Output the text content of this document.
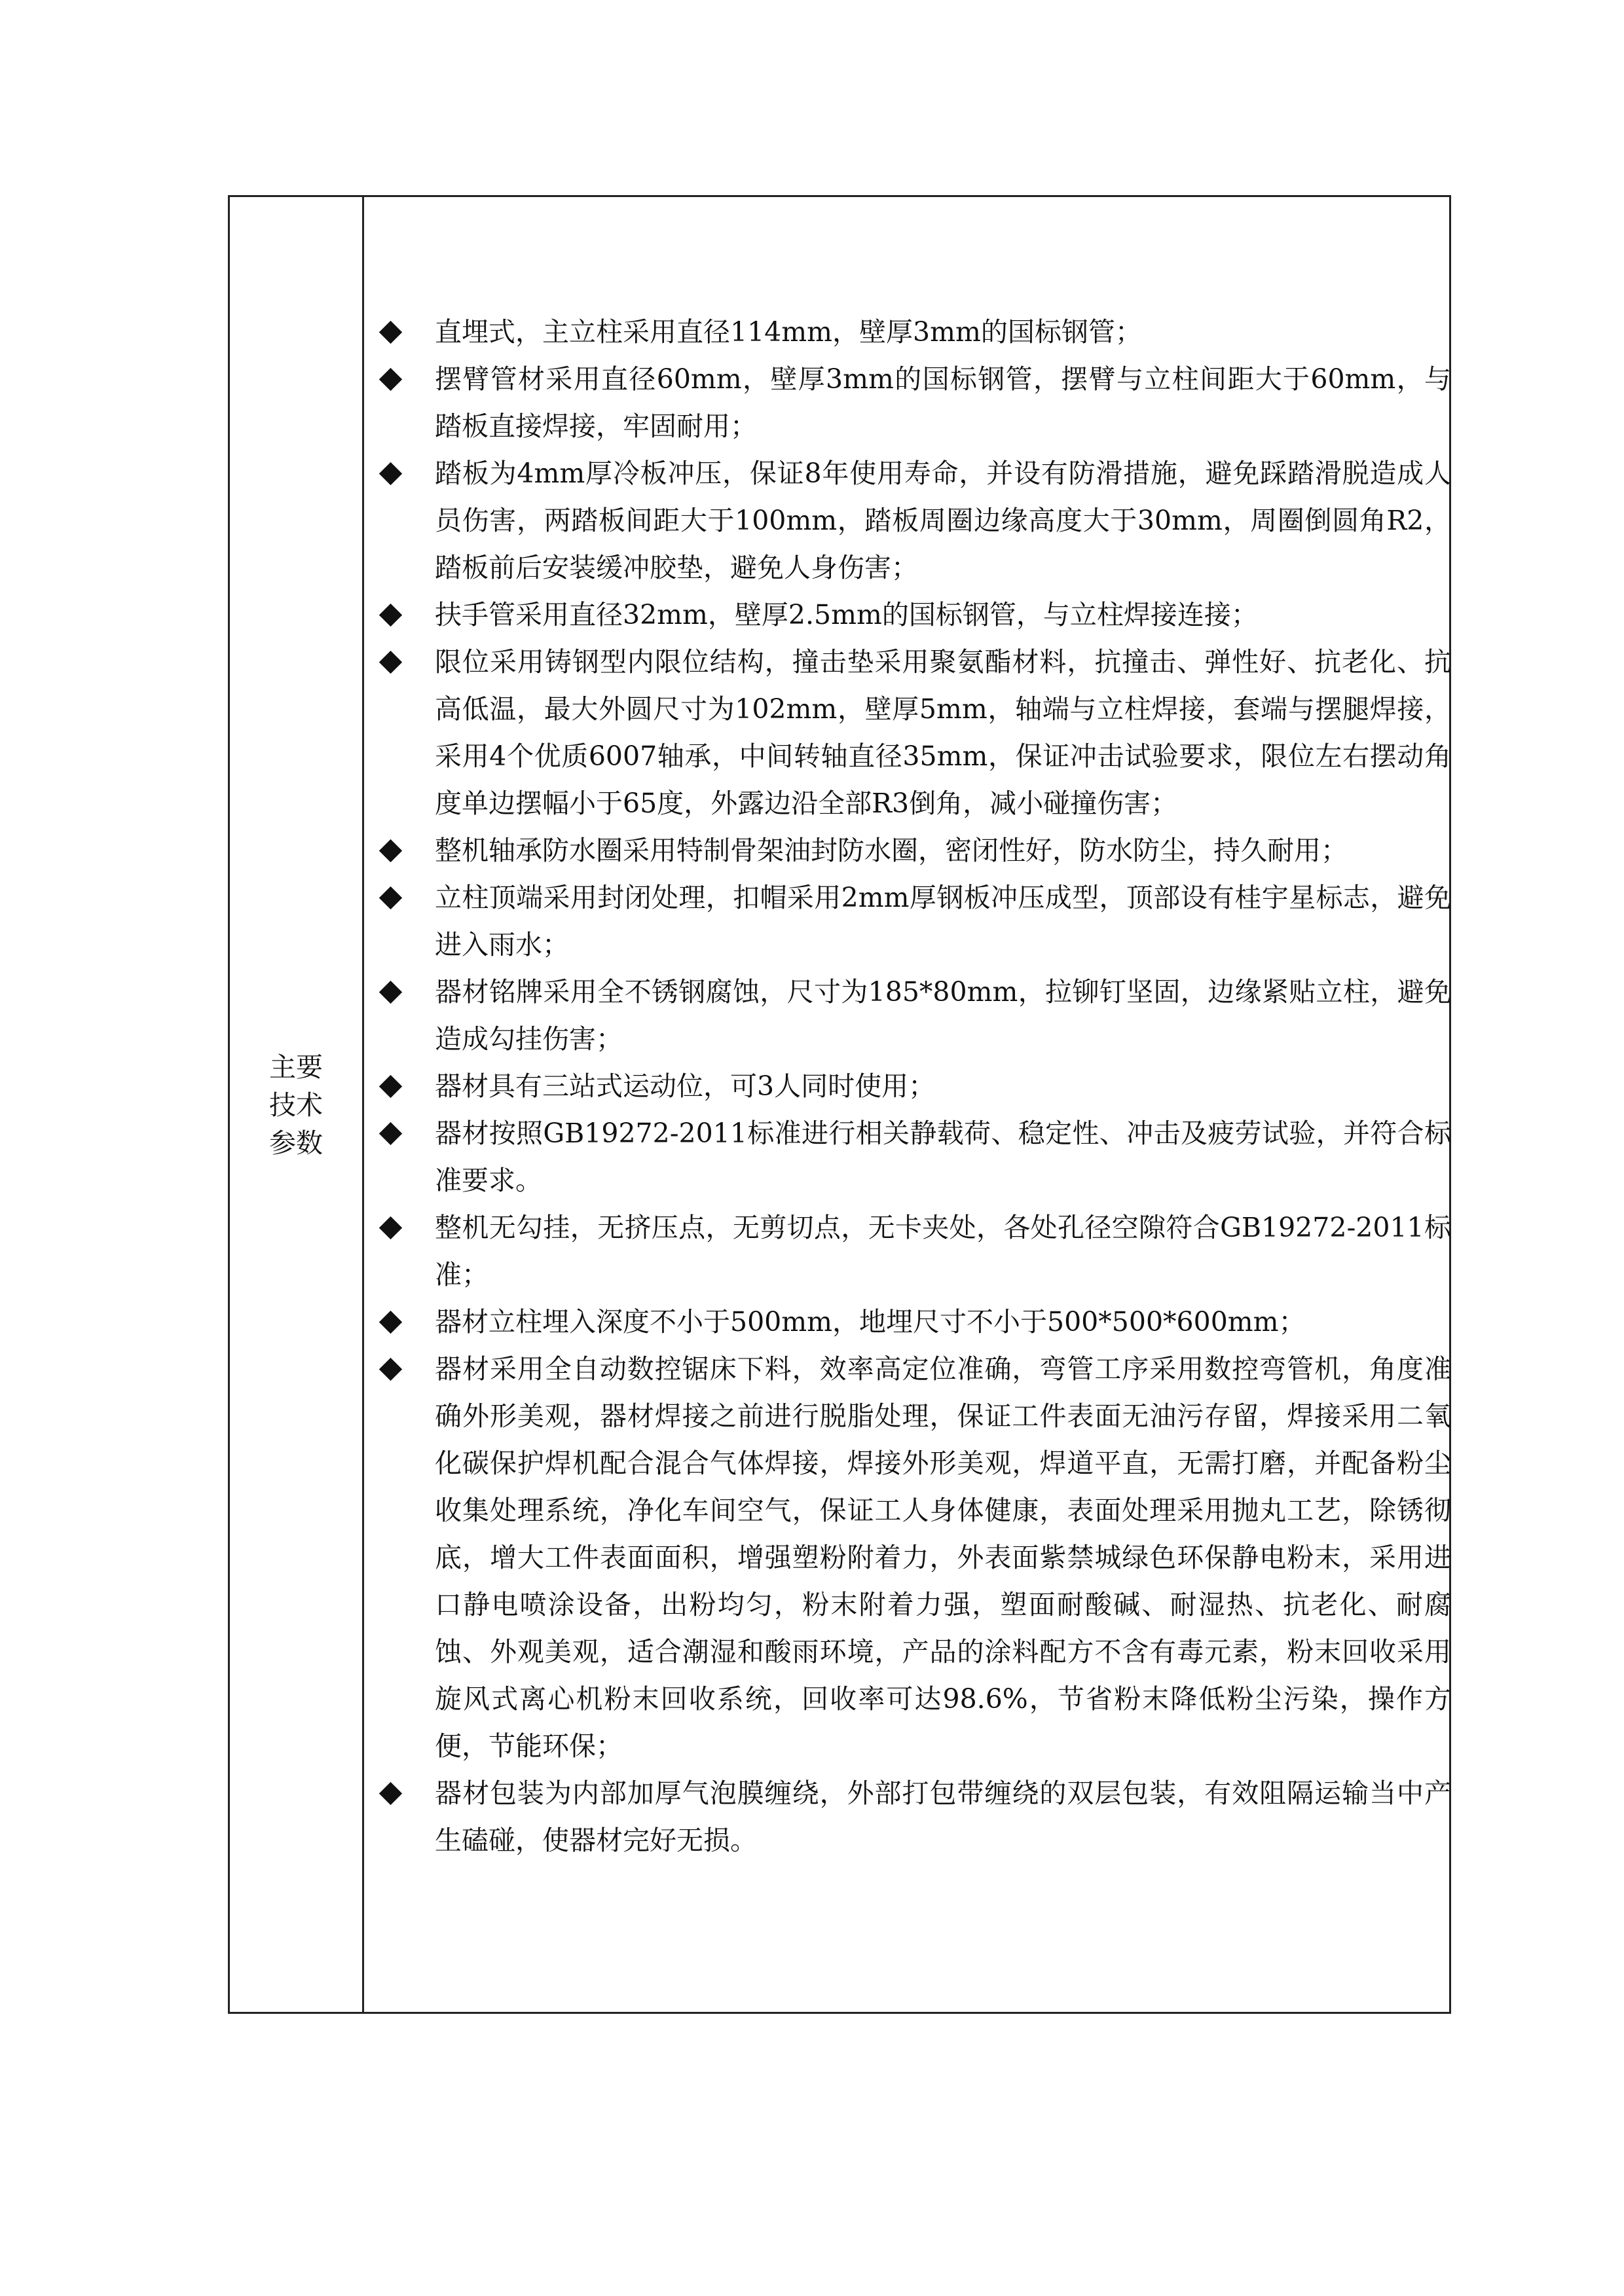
主要
技术
参数
直埋式，主立柱采用直径114mm，壁厚3mm的国标钢管；
摆臂管材采用直径60mm，壁厚3mm的国标钢管，摆臂与立柱间距大于60mm，与踏板直接焊接，牢固耐用；
踏板为4mm厚冷板冲压，保证8年使用寿命，并设有防滑措施，避免踩踏滑脱造成人员伤害，两踏板间距大于100mm，踏板周圈边缘高度大于30mm，周圈倒圆角R2，踏板前后安装缓冲胶垫，避免人身伤害；
扶手管采用直径32mm，壁厚2.5mm的国标钢管，与立柱焊接连接；
限位采用铸钢型内限位结构，撞击垫采用聚氨酯材料，抗撞击、弹性好、抗老化、抗高低温，最大外圆尺寸为102mm，壁厚5mm，轴端与立柱焊接，套端与摆腿焊接，采用4个优质6007轴承，中间转轴直径35mm，保证冲击试验要求，限位左右摆动角度单边摆幅小于65度，外露边沿全部R3倒角，减小碰撞伤害；
整机轴承防水圈采用特制骨架油封防水圈，密闭性好，防水防尘，持久耐用；
立柱顶端采用封闭处理，扣帽采用2mm厚钢板冲压成型，顶部设有桂宇星标志，避免进入雨水；
器材铭牌采用全不锈钢腐蚀，尺寸为185*80mm，拉铆钉坚固，边缘紧贴立柱，避免造成勾挂伤害；
器材具有三站式运动位，可3人同时使用；
器材按照GB19272-2011标准进行相关静载荷、稳定性、冲击及疲劳试验，并符合标准要求。
整机无勾挂，无挤压点，无剪切点，无卡夹处，各处孔径空隙符合GB19272-2011标准；
器材立柱埋入深度不小于500mm，地埋尺寸不小于500*500*600mm；
器材采用全自动数控锯床下料，效率高定位准确，弯管工序采用数控弯管机，角度准确外形美观，器材焊接之前进行脱脂处理，保证工件表面无油污存留，焊接采用二氧化碳保护焊机配合混合气体焊接，焊接外形美观，焊道平直，无需打磨，并配备粉尘收集处理系统，净化车间空气，保证工人身体健康，表面处理采用抛丸工艺，除锈彻底，增大工件表面面积，增强塑粉附着力，外表面紫禁城绿色环保静电粉末，采用进口静电喷涂设备，出粉均匀，粉末附着力强，塑面耐酸碱、耐湿热、抗老化、耐腐蚀、外观美观，适合潮湿和酸雨环境，产品的涂料配方不含有毒元素，粉末回收采用旋风式离心机粉末回收系统，回收率可达98.6%，节省粉末降低粉尘污染，操作方便，节能环保；
器材包装为内部加厚气泡膜缠绕，外部打包带缠绕的双层包装，有效阻隔运输当中产生磕碰，使器材完好无损。
